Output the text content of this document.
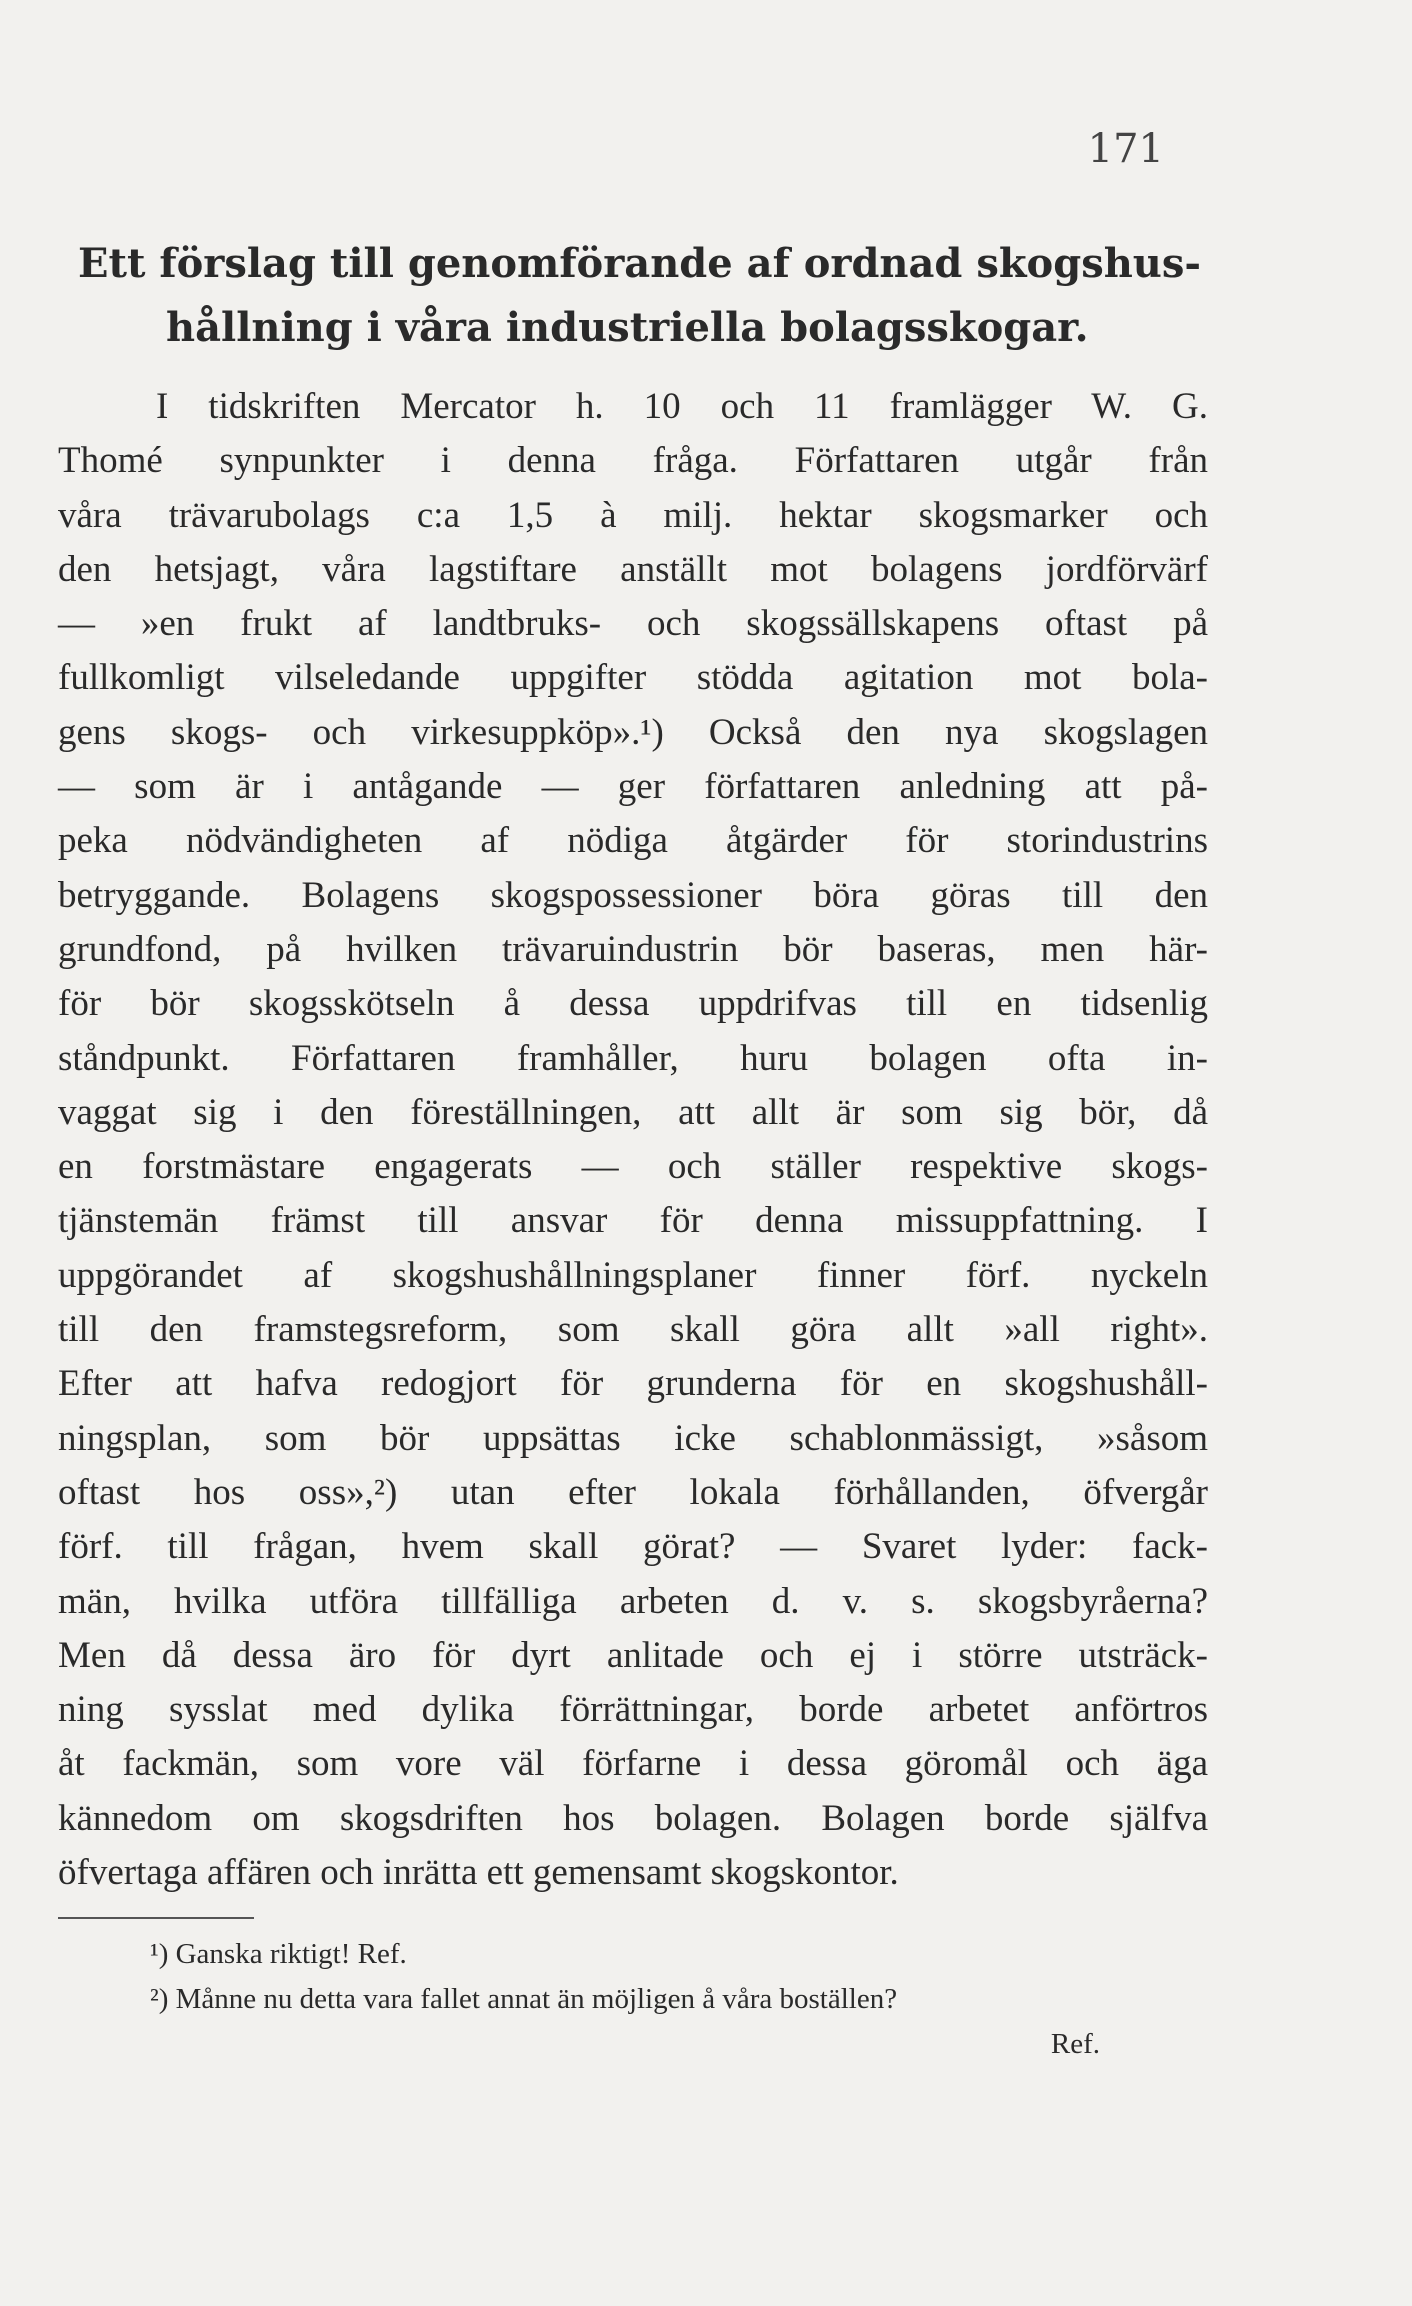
171
Ett förslag till genomförande af ordnad skogshus-
hållning i våra industriella bolagsskogar.
I tidskriften Mercator h. 10 och 11 framlägger W. G.
Thomé synpunkter i denna fråga. Författaren utgår från
våra trävarubolags c:a 1,5 à milj. hektar skogsmarker och
den hetsjagt, våra lagstiftare anställt mot bolagens jordförvärf
— »en frukt af landtbruks- och skogssällskapens oftast på
fullkomligt vilseledande uppgifter stödda agitation mot bola-
gens skogs- och virkesuppköp».¹) Också den nya skogslagen
— som är i antågande — ger författaren anledning att på-
peka nödvändigheten af nödiga åtgärder för storindustrins
betryggande. Bolagens skogspossessioner böra göras till den
grundfond, på hvilken trävaruindustrin bör baseras, men här-
för bör skogsskötseln å dessa uppdrifvas till en tidsenlig
ståndpunkt. Författaren framhåller, huru bolagen ofta in-
vaggat sig i den föreställningen, att allt är som sig bör, då
en forstmästare engagerats — och ställer respektive skogs-
tjänstemän främst till ansvar för denna missuppfattning. I
uppgörandet af skogshushållningsplaner finner förf. nyckeln
till den framstegsreform, som skall göra allt »all right».
Efter att hafva redogjort för grunderna för en skogshushåll-
ningsplan, som bör uppsättas icke schablonmässigt, »såsom
oftast hos oss»,²) utan efter lokala förhållanden, öfvergår
förf. till frågan, hvem skall görat? — Svaret lyder: fack-
män, hvilka utföra tillfälliga arbeten d. v. s. skogsbyråerna?
Men då dessa äro för dyrt anlitade och ej i större utsträck-
ning sysslat med dylika förrättningar, borde arbetet anförtros
åt fackmän, som vore väl förfarne i dessa göromål och äga
kännedom om skogsdriften hos bolagen. Bolagen borde själfva
öfvertaga affären och inrätta ett gemensamt skogskontor.
¹) Ganska riktigt! Ref.
²) Månne nu detta vara fallet annat än möjligen å våra boställen?
Ref.
